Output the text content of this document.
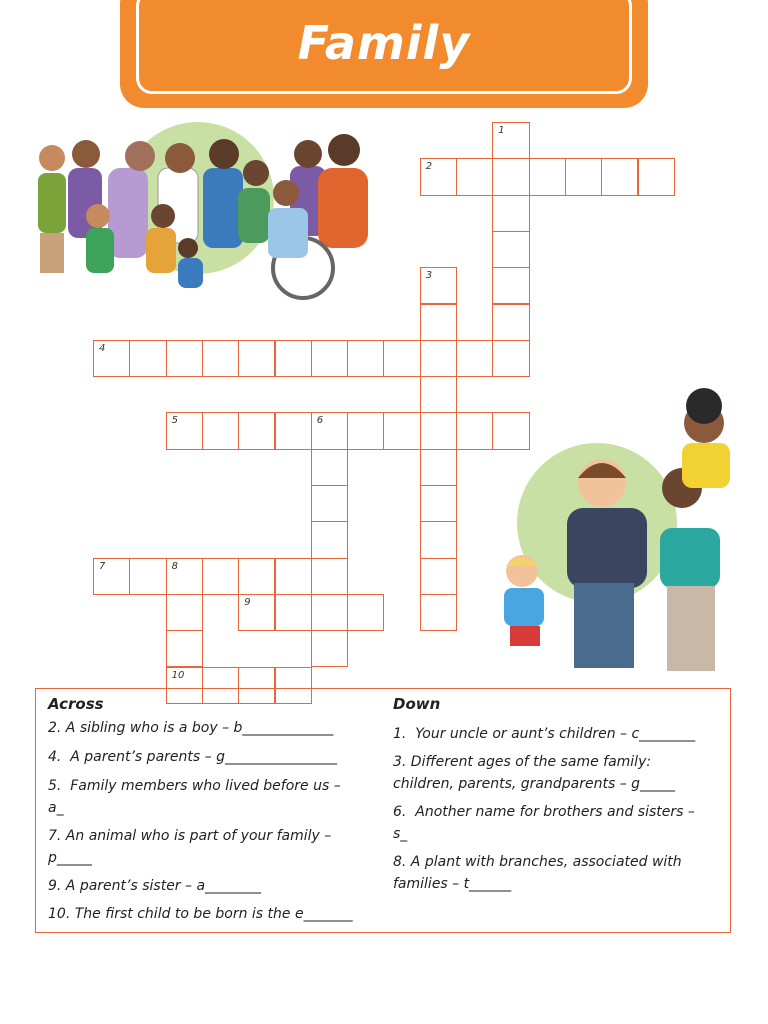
Family
1
2
3
4
5	6
7	8
9
10
Across	Down
2. A sibling who is a boy – b_____________
4.  A parent’s parents – g________________
5.  Family members who lived before us –
a_
7. An animal who is part of your family –
p_____
9. A parent’s sister – a________
10. The first child to be born is the e_______
1.  Your uncle or aunt’s children – c________
3. Different ages of the same family:
children, parents, grandparents – g_____
6.  Another name for brothers and sisters –
s_
8. A plant with branches, associated with
families – t______
